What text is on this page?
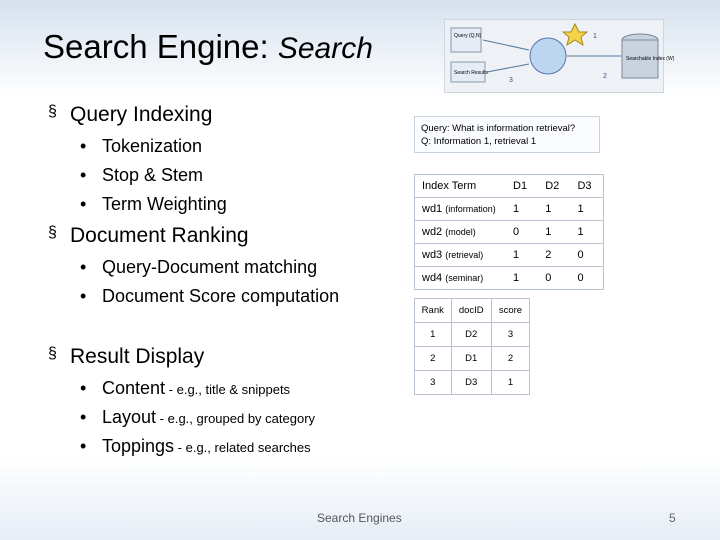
Search Engine: Search	Query (Q,N)
Search Results
Searchable Index (W)
1
2
3
§ Query Indexing
• Tokenization
• Stop & Stem
• Term Weighting
§ Document Ranking
• Query-Document matching
• Document Score computation
§ Result Display
• Content - e.g., title & snippets
• Layout - e.g., grouped by category
• Toppings - e.g., related searches
Query: What is information retrieval?
Q: Information 1, retrieval 1
Index Term	D1	D2	D3
wd1 (information)	1	1	1
wd2 (model)	0	1	1
wd3 (retrieval)	1	2	0
wd4 (seminar)	1	0	0
Rank	docID	score
1	D2	3
2	D1	2
3	D3	1
Search Engines	5
